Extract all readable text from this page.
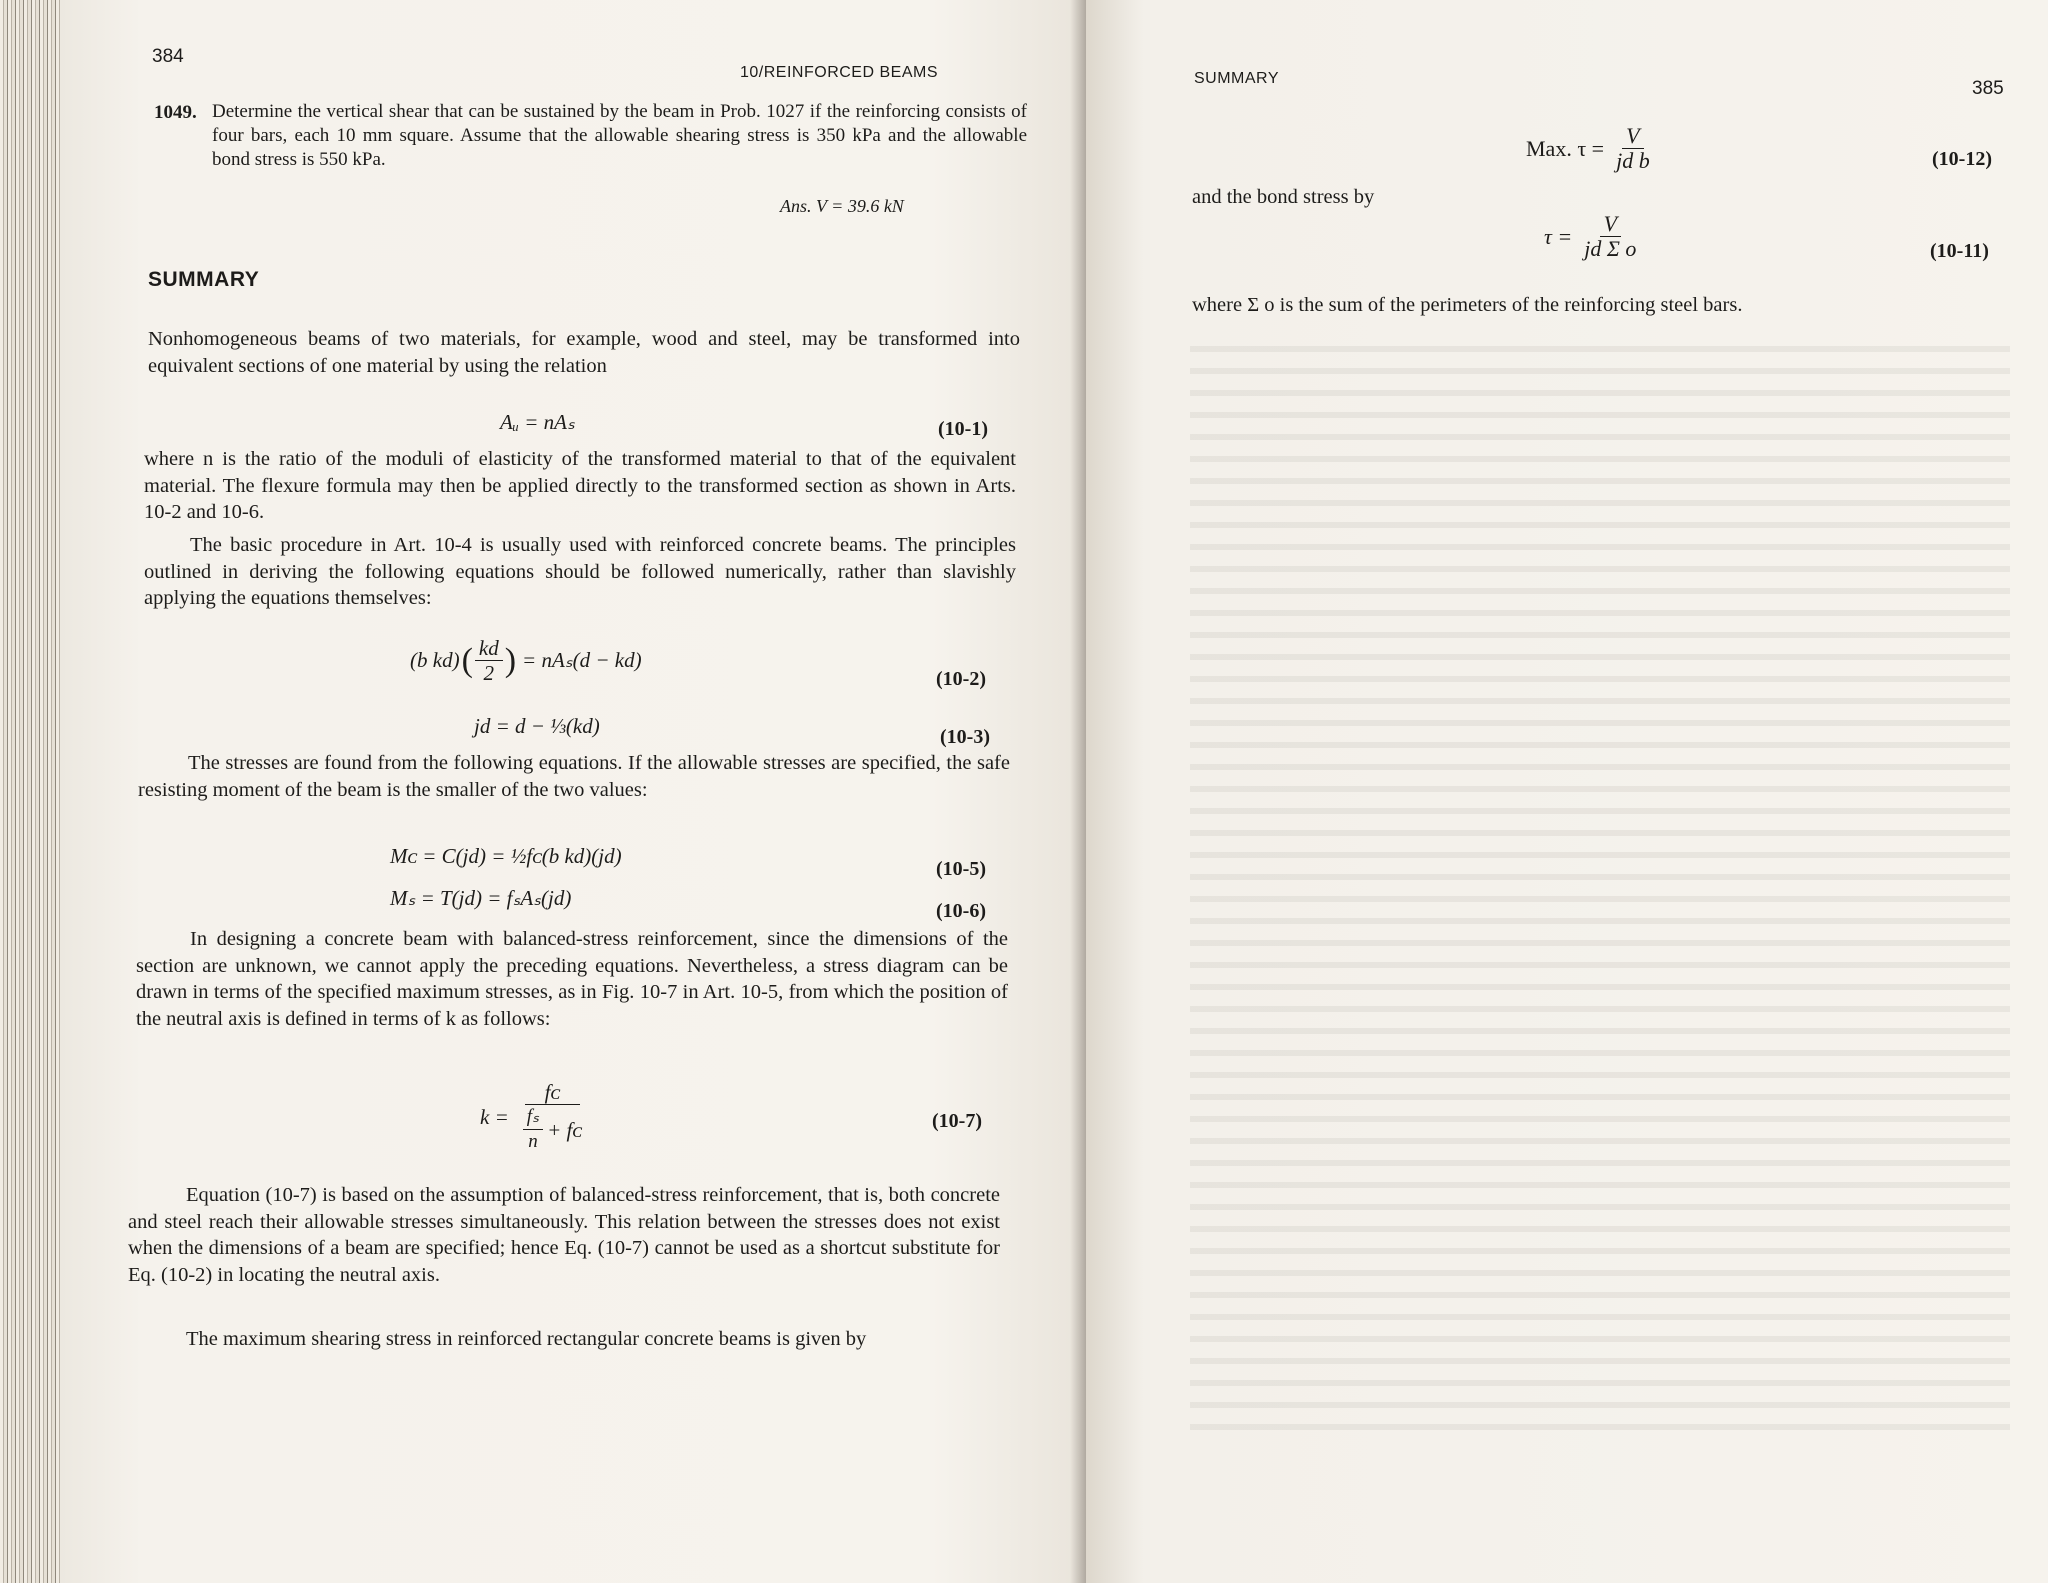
384
10/REINFORCED BEAMS
1049. Determine the vertical shear that can be sustained by the beam in Prob. 1027 if the reinforcing consists of four bars, each 10 mm square. Assume that the allowable shearing stress is 350 kPa and the allowable bond stress is 550 kPa.
Ans. V = 39.6 kN
SUMMARY
Nonhomogeneous beams of two materials, for example, wood and steel, may be transformed into equivalent sections of one material by using the relation
Aᵤ = nAₛ	(10-1)
where n is the ratio of the moduli of elasticity of the transformed material to that of the equivalent material. The flexure formula may then be applied directly to the transformed section as shown in Arts. 10-2 and 10-6.
The basic procedure in Art. 10-4 is usually used with reinforced concrete beams. The principles outlined in deriving the following equations should be followed numerically, rather than slavishly applying the equations themselves:
(b kd) ( $\frac{kd}{2}$ ) = nAₛ(d − kd)
(10-2)
jd = d − ⅓(kd)	(10-3)
The stresses are found from the following equations. If the allowable stresses are specified, the safe resisting moment of the beam is the smaller of the two values:
Mᴄ = C(jd) = ½fᴄ(b kd)(jd)
(10-5)
Mₛ = T(jd) = fₛAₛ(jd)
(10-6)
In designing a concrete beam with balanced-stress reinforcement, since the dimensions of the section are unknown, we cannot apply the preceding equations. Nevertheless, a stress diagram can be drawn in terms of the specified maximum stresses, as in Fig. 10-7 in Art. 10-5, from which the position of the neutral axis is defined in terms of k as follows:
$k = \frac{\text{fᴄ}}{\frac{\text{fₛ}}{n} + fᴄ}$	(10-7)
Equation (10-7) is based on the assumption of balanced-stress reinforcement, that is, both concrete and steel reach their allowable stresses simultaneously. This relation between the stresses does not exist when the dimensions of a beam are specified; hence Eq. (10-7) cannot be used as a shortcut substitute for Eq. (10-2) in locating the neutral axis.
The maximum shearing stress in reinforced rectangular concrete beams is given by
SUMMARY	385
Max. $\tau = \frac{V}{\text{jd b}}$	(10-12)
and the bond stress by
$\tau = \frac{V}{\text{jd Σ o}}$	(10-11)
where Σ o is the sum of the perimeters of the reinforcing steel bars.
